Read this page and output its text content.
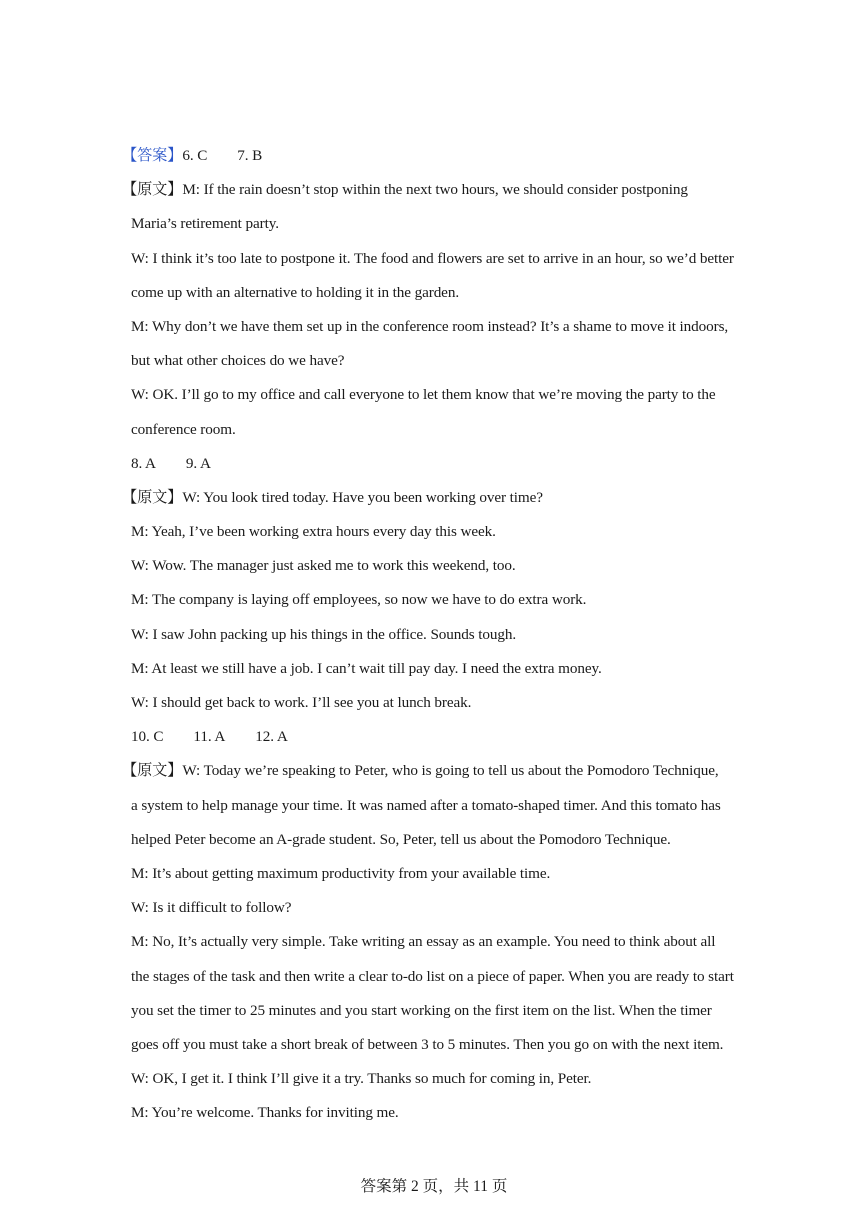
【答案】6. C 7. B
【原文】M: If the rain doesn’t stop within the next two hours, we should consider postponing
Maria’s retirement party.
W: I think it’s too late to postpone it. The food and flowers are set to arrive in an hour, so we’d better
come up with an alternative to holding it in the garden.
M: Why don’t we have them set up in the conference room instead? It’s a shame to move it indoors,
but what other choices do we have?
W: OK. I’ll go to my office and call everyone to let them know that we’re moving the party to the
conference room.
8. A 9. A
【原文】W: You look tired today. Have you been working over time?
M: Yeah, I’ve been working extra hours every day this week.
W: Wow. The manager just asked me to work this weekend, too.
M: The company is laying off employees, so now we have to do extra work.
W: I saw John packing up his things in the office. Sounds tough.
M: At least we still have a job. I can’t wait till pay day. I need the extra money.
W: I should get back to work. I’ll see you at lunch break.
10. C 11. A 12. A
【原文】W: Today we’re speaking to Peter, who is going to tell us about the Pomodoro Technique,
a system to help manage your time. It was named after a tomato-shaped timer. And this tomato has
helped Peter become an A-grade student. So, Peter, tell us about the Pomodoro Technique.
M: It’s about getting maximum productivity from your available time.
W: Is it difficult to follow?
M: No, It’s actually very simple. Take writing an essay as an example. You need to think about all
the stages of the task and then write a clear to-do list on a piece of paper. When you are ready to start
you set the timer to 25 minutes and you start working on the first item on the list. When the timer
goes off you must take a short break of between 3 to 5 minutes. Then you go on with the next item.
W: OK, I get it. I think I’ll give it a try. Thanks so much for coming in, Peter.
M: You’re welcome. Thanks for inviting me.
答案第 2 页，共 11 页
